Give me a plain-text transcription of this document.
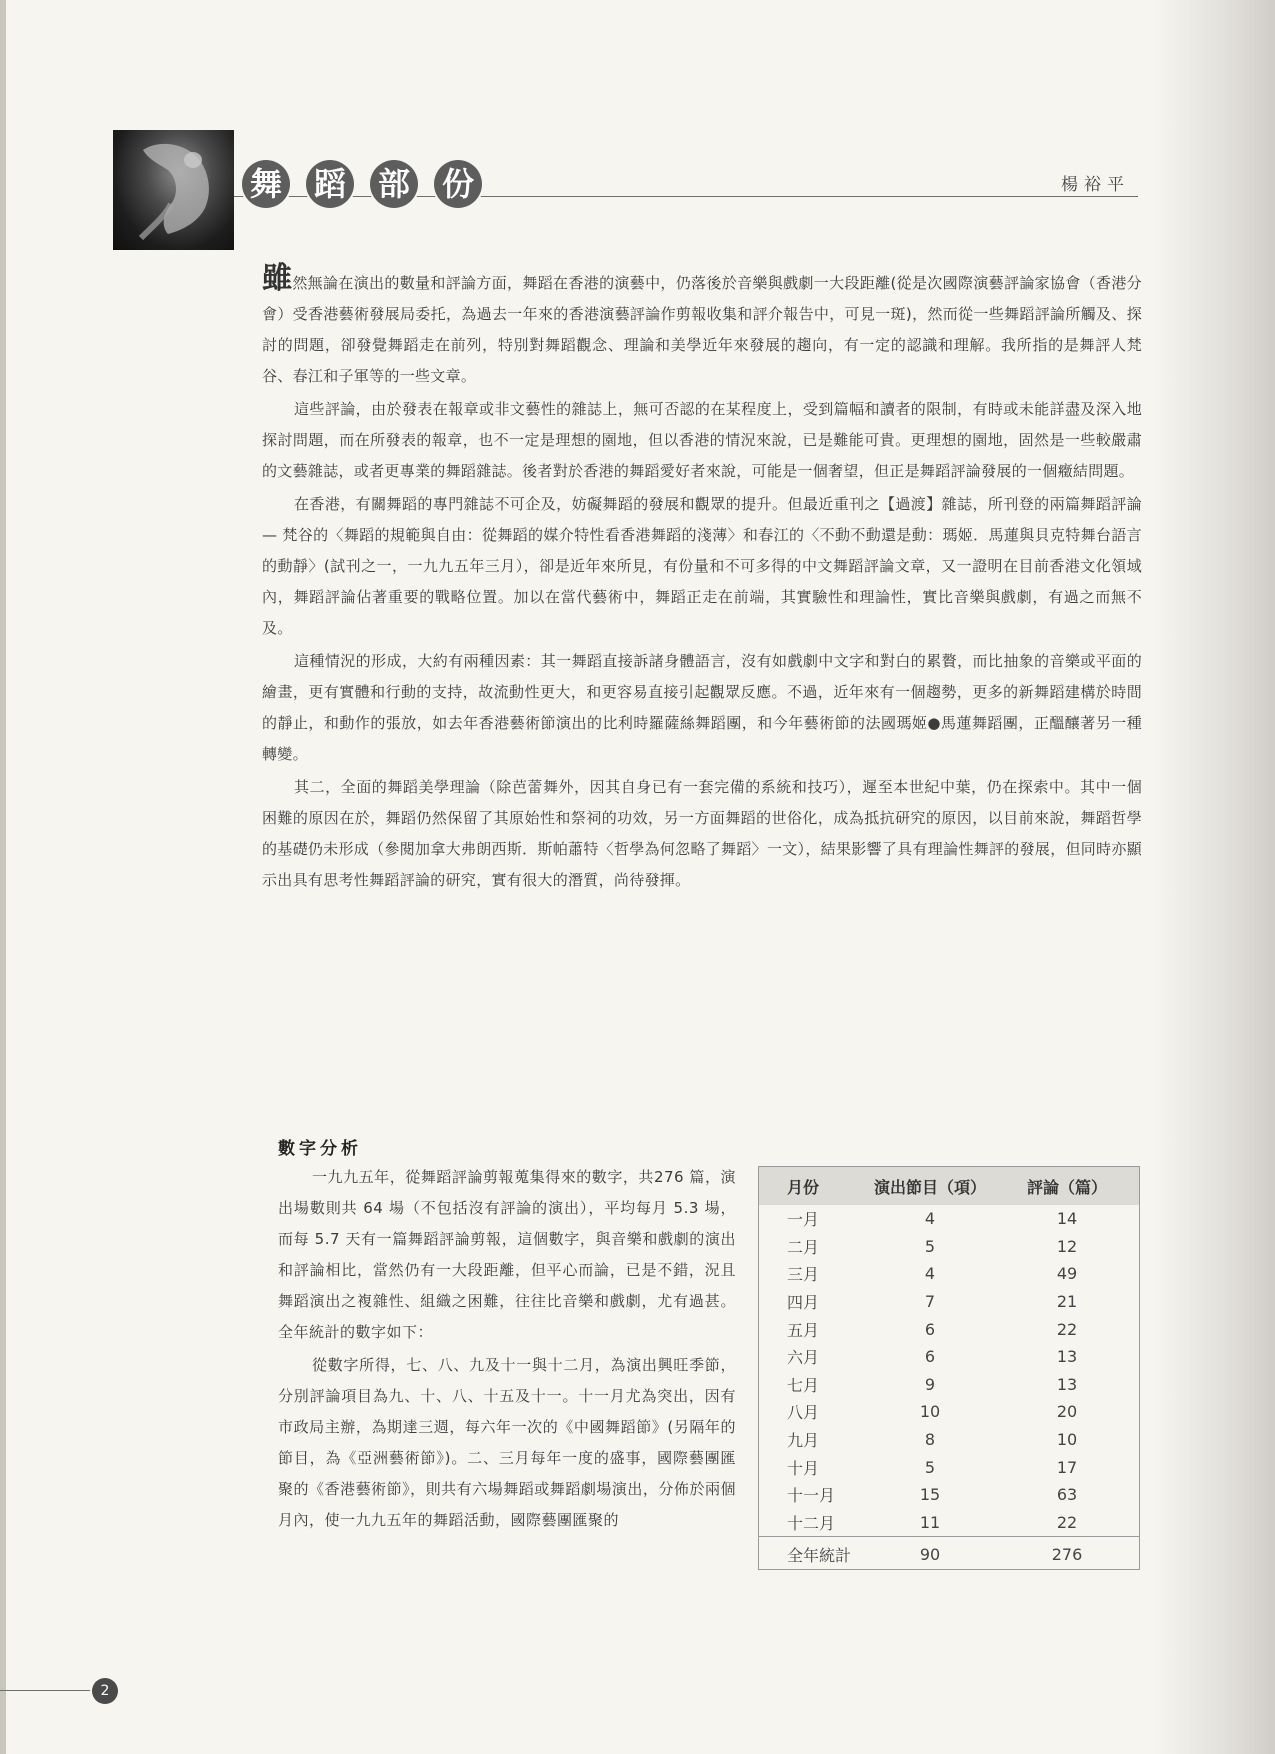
舞 蹈 部 份	楊裕平

雖然無論在演出的數量和評論方面，舞蹈在香港的演藝中，仍落後於音樂與戲劇一大段距離(從是次國際演藝評論家協會（香港分會）受香港藝術發展局委托，為過去一年來的香港演藝評論作剪報收集和評介報告中，可見一斑)，然而從一些舞蹈評論所觸及、探討的問題，卻發覺舞蹈走在前列，特別對舞蹈觀念、理論和美學近年來發展的趨向，有一定的認識和理解。我所指的是舞評人梵谷、春江和子軍等的一些文章。

這些評論，由於發表在報章或非文藝性的雜誌上，無可否認的在某程度上，受到篇幅和讀者的限制，有時或未能詳盡及深入地探討問題，而在所發表的報章，也不一定是理想的園地，但以香港的情況來說，已是難能可貴。更理想的園地，固然是一些較嚴肅的文藝雜誌，或者更專業的舞蹈雜誌。後者對於香港的舞蹈愛好者來說，可能是一個奢望，但正是舞蹈評論發展的一個癥結問題。

在香港，有關舞蹈的專門雜誌不可企及，妨礙舞蹈的發展和觀眾的提升。但最近重刊之【過渡】雜誌，所刊登的兩篇舞蹈評論 — 梵谷的〈舞蹈的規範與自由：從舞蹈的媒介特性看香港舞蹈的淺薄〉和春江的〈不動不動還是動：瑪姬．馬蓮與貝克特舞台語言的動靜〉(試刊之一，一九九五年三月），卻是近年來所見，有份量和不可多得的中文舞蹈評論文章，又一證明在目前香港文化領域內，舞蹈評論佔著重要的戰略位置。加以在當代藝術中，舞蹈正走在前端，其實驗性和理論性，實比音樂與戲劇，有過之而無不及。

這種情況的形成，大約有兩種因素：其一舞蹈直接訴諸身體語言，沒有如戲劇中文字和對白的累贅，而比抽象的音樂或平面的繪畫，更有實體和行動的支持，故流動性更大，和更容易直接引起觀眾反應。不過，近年來有一個趨勢，更多的新舞蹈建構於時間的靜止，和動作的張放，如去年香港藝術節演出的比利時羅薩絲舞蹈團，和今年藝術節的法國瑪姬●馬蓮舞蹈團，正醞釀著另一種轉變。

其二，全面的舞蹈美學理論（除芭蕾舞外，因其自身已有一套完備的系統和技巧），遲至本世紀中葉，仍在探索中。其中一個困難的原因在於，舞蹈仍然保留了其原始性和祭祠的功效，另一方面舞蹈的世俗化，成為抵抗研究的原因，以目前來說，舞蹈哲學的基礎仍未形成（參閱加拿大弗朗西斯．斯帕蕭特〈哲學為何忽略了舞蹈〉一文），結果影響了具有理論性舞評的發展，但同時亦顯示出具有思考性舞蹈評論的研究，實有很大的潛質，尚待發揮。

數字分析

一九九五年，從舞蹈評論剪報蒐集得來的數字，共276 篇，演出場數則共 64 場（不包括沒有評論的演出），平均每月 5.3 場，而每 5.7 天有一篇舞蹈評論剪報，這個數字，與音樂和戲劇的演出和評論相比，當然仍有一大段距離，但平心而論，已是不錯，況且舞蹈演出之複雜性、組織之困難，往往比音樂和戲劇，尤有過甚。全年統計的數字如下：

從數字所得，七、八、九及十一與十二月，為演出興旺季節，分別評論項目為九、十、八、十五及十一。十一月尤為突出，因有市政局主辦，為期達三週，每六年一次的《中國舞蹈節》(另隔年的節目，為《亞洲藝術節》)。二、三月每年一度的盛事，國際藝團匯聚的《香港藝術節》，則共有六場舞蹈或舞蹈劇場演出，分佈於兩個月內，使一九九五年的舞蹈活動，國際藝團匯聚的

月份	演出節目（項）	評論（篇）
一月	4	14
二月	5	12
三月	4	49
四月	7	21
五月	6	22
六月	6	13
七月	9	13
八月	10	20
九月	8	10
十月	5	17
十一月	15	63
十二月	11	22
全年統計	90	276
2
